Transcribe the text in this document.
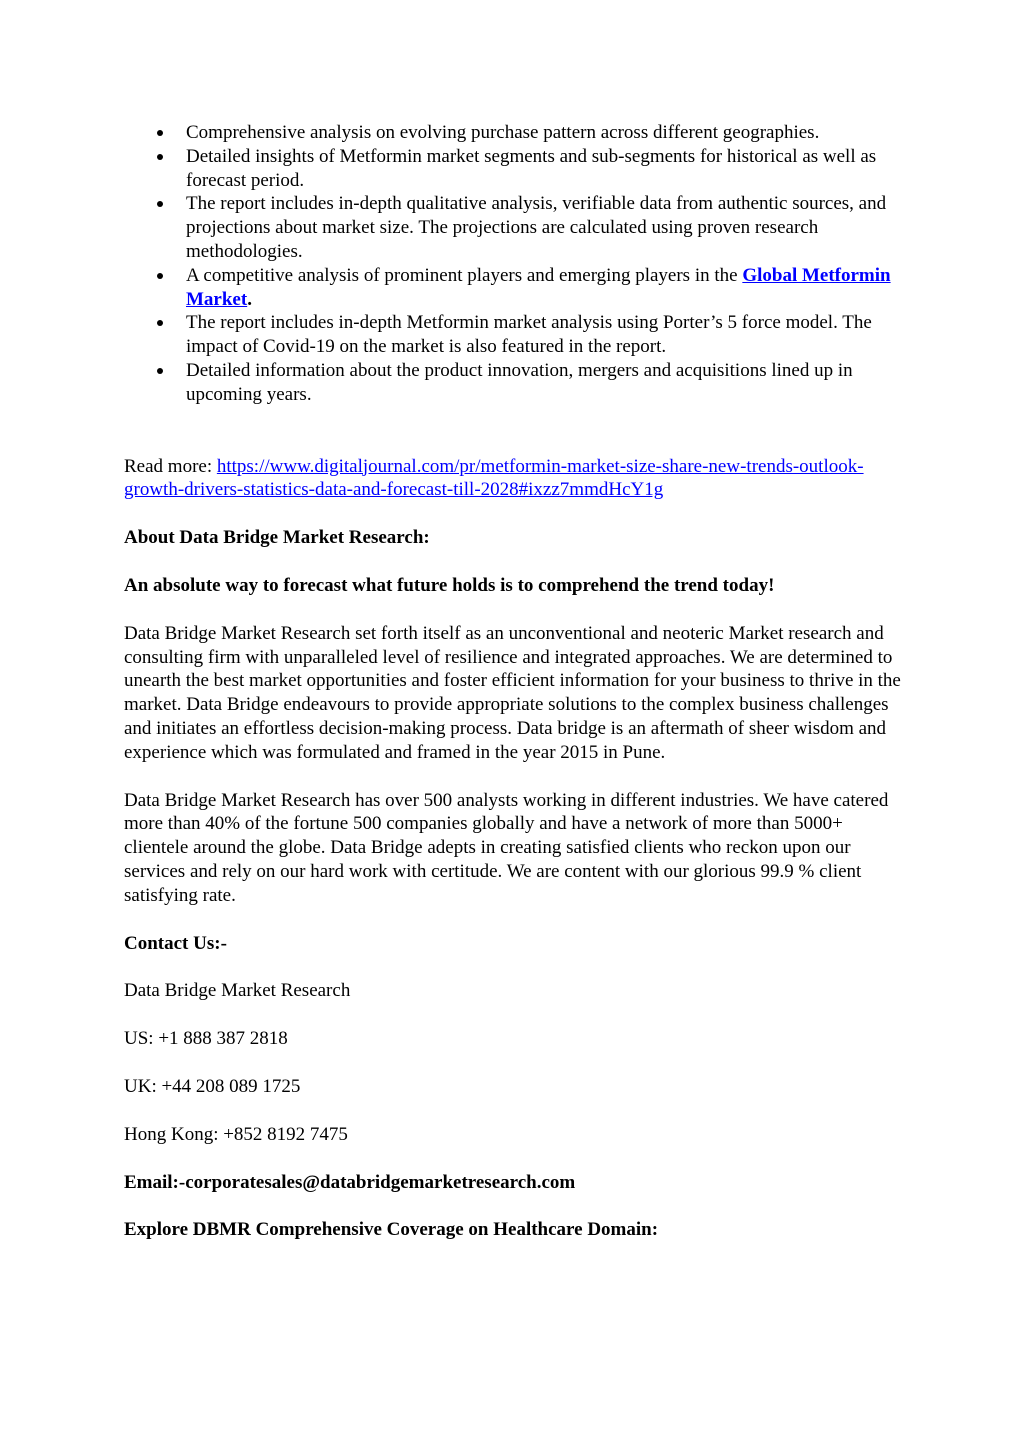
Comprehensive analysis on evolving purchase pattern across different geographies.
Detailed insights of Metformin market segments and sub-segments for historical as well as forecast period.
The report includes in-depth qualitative analysis, verifiable data from authentic sources, and projections about market size. The projections are calculated using proven research methodologies.
A competitive analysis of prominent players and emerging players in the Global Metformin Market.
The report includes in-depth Metformin market analysis using Porter’s 5 force model. The impact of Covid-19 on the market is also featured in the report.
Detailed information about the product innovation, mergers and acquisitions lined up in upcoming years.

Read more: https://www.digitaljournal.com/pr/metformin-market-size-share-new-trends-outlook-growth-drivers-statistics-data-and-forecast-till-2028#ixzz7mmdHcY1g

About Data Bridge Market Research:

An absolute way to forecast what future holds is to comprehend the trend today!

Data Bridge Market Research set forth itself as an unconventional and neoteric Market research and consulting firm with unparalleled level of resilience and integrated approaches. We are determined to unearth the best market opportunities and foster efficient information for your business to thrive in the market. Data Bridge endeavours to provide appropriate solutions to the complex business challenges and initiates an effortless decision-making process. Data bridge is an aftermath of sheer wisdom and experience which was formulated and framed in the year 2015 in Pune.

Data Bridge Market Research has over 500 analysts working in different industries. We have catered more than 40% of the fortune 500 companies globally and have a network of more than 5000+ clientele around the globe. Data Bridge adepts in creating satisfied clients who reckon upon our services and rely on our hard work with certitude. We are content with our glorious 99.9 % client satisfying rate.

Contact Us:-

Data Bridge Market Research

US: +1 888 387 2818

UK: +44 208 089 1725

Hong Kong: +852 8192 7475

Email:-corporatesales@databridgemarketresearch.com

Explore DBMR Comprehensive Coverage on Healthcare Domain:
